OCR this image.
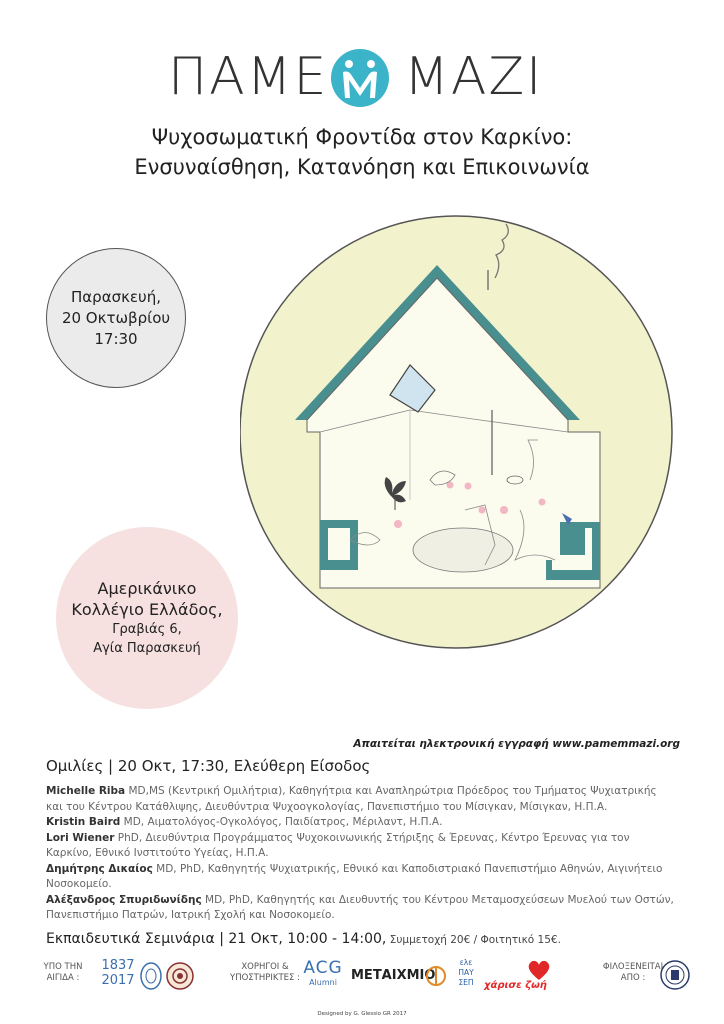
ΠΑΜΕ ΜΑΖΙ
Ψυχοσωματική Φροντίδα στον Καρκίνο:
Ενσυναίσθηση, Κατανόηση και Επικοινωνία
Παρασκευή,
20 Οκτωβρίου
17:30
Αμερικάνικο
Κολλέγιο Ελλάδος,
Γραβιάς 6,
Αγία Παρασκευή
Απαιτείται ηλεκτρονική εγγραφή www.pamemmazi.org
Ομιλίες | 20 Οκτ, 17:30, Ελεύθερη Είσοδος

Michelle Riba MD,MS (Κεντρική Ομιλήτρια), Καθηγήτρια και Αναπληρώτρια Πρόεδρος του Τμήματος Ψυχιατρικής και του Κέντρου Κατάθλιψης, Διευθύντρια Ψυχοογκολογίας, Πανεπιστήμιο του Μίσιγκαν, Μίσιγκαν, Η.Π.Α.

Kristin Baird MD, Αιματολόγος-Ογκολόγος, Παιδίατρος, Μέριλαντ, Η.Π.Α.

Lori Wiener PhD, Διευθύντρια Προγράμματος Ψυχοκοινωνικής Στήριξης & Έρευνας, Κέντρο Έρευνας για τον Καρκίνο, Εθνικό Ινστιτούτο Υγείας, Η.Π.Α.

Δημήτρης Δικαίος MD, PhD, Καθηγητής Ψυχιατρικής, Εθνικό και Καποδιστριακό Πανεπιστήμιο Αθηνών, Αιγινήτειο Νοσοκομείο.

Αλέξανδρος Σπυριδωνίδης MD, PhD, Καθηγητής και Διευθυντής του Κέντρου Μεταμοσχεύσεων Μυελού των Οστών, Πανεπιστήμιο Πατρών, Ιατρική Σχολή και Νοσοκομείο.

Εκπαιδευτικά Σεμινάρια | 21 Οκτ, 10:00 - 14:00, Συμμετοχή 20€ / Φοιτητικό 15€.
ΥΠΟ ΤΗΝ
ΑΙΓΙΔΑ :
1837
2017
ΧΟΡΗΓΟΙ &
ΥΠΟΣΤΗΡΙΚΤΕΣ : ACG
Alumni	ΜΕΤΑΙΧΜΙΟ
ελε
ΠΑΥ
ΣΕΠ	χάρισε ζωή
ΦΙΛΟΞΕΝΕΙΤΑΙ
ΑΠΟ :
Designed by G. Glessio GR 2017
